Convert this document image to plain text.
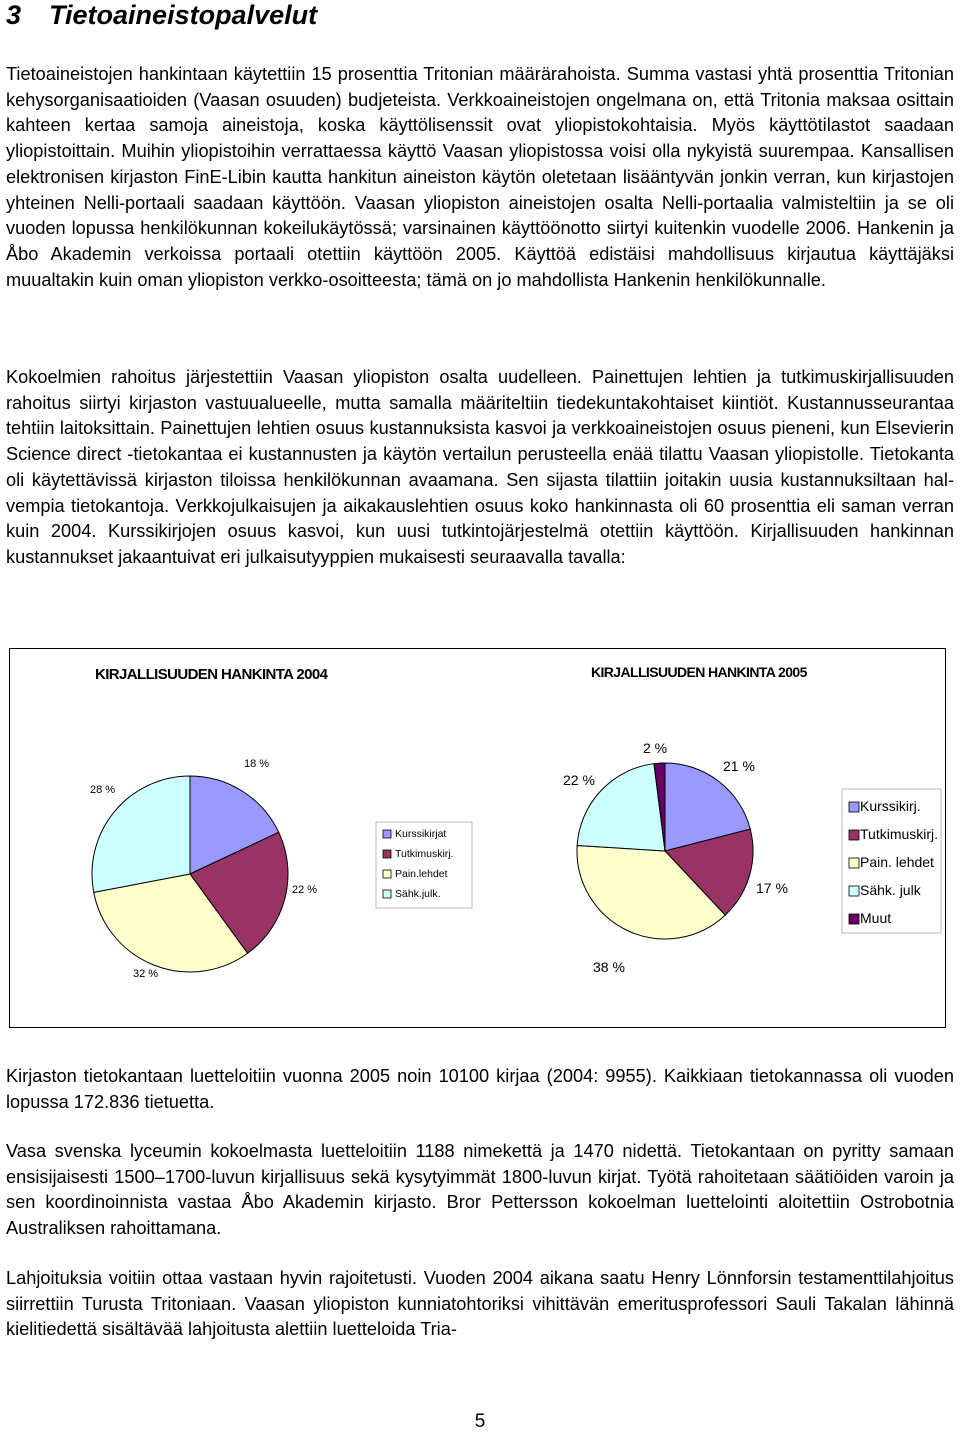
3 Tietoaineistopalvelut

Tietoaineistojen hankintaan käytettiin 15 prosenttia Tritonian määrärahoista. Summa vastasi yhtä prosenttia Tritonian kehysorganisaatioiden (Vaasan osuuden) budjeteista. Verkkoaineistojen ongelmana on, että Tritonia maksaa osittain kahteen kertaa samoja aineistoja, koska käyttölisenssit ovat yliopistokohtaisia. Myös käyttötilastot saadaan yliopistoittain. Muihin yliopistoihin verrattaessa käyttö Vaasan yliopistossa voisi olla nykyistä suurempaa. Kansallisen elektronisen kirjaston FinE-Libin kautta hankitun aineiston käytön oletetaan lisääntyvän jonkin verran, kun kirjastojen yhteinen Nelli-portaali saadaan käyttöön. Vaasan yliopiston aineistojen osalta Nelli-portaalia valmisteltiin ja se oli vuoden lopussa henkilökunnan kokeilukäytössä; varsinainen käyttöönotto siirtyi kuitenkin vuodelle 2006. Hankenin ja Åbo Akademin verkoissa portaali otettiin käyttöön 2005. Käyttöä edistäisi mahdollisuus kirjautua käyttäjäksi muualtakin kuin oman yliopiston verkko-osoitteesta; tämä on jo mahdollista Hankenin henkilökunnalle.

Kokoelmien rahoitus järjestettiin Vaasan yliopiston osalta uudelleen. Painettujen lehtien ja tutkimuskirjallisuuden rahoitus siirtyi kirjaston vastuualueelle, mutta samalla määriteltiin tiedekuntakohtaiset kiintiöt. Kustannusseurantaa tehtiin laitoksittain. Painettujen lehtien osuus kustannuksista kasvoi ja verkkoaineistojen osuus pieneni, kun Elsevierin Science direct -tietokantaa ei kustannusten ja käytön vertailun perusteella enää tilattu Vaasan yliopistolle. Tietokanta oli käytettävissä kirjaston tiloissa henkilökunnan avaamana. Sen sijasta tilattiin joitakin uusia kustannuksiltaan halvempia tietokantoja. Verkkojulkaisujen ja aikakauslehtien osuus koko hankinnasta oli 60 prosenttia eli saman verran kuin 2004. Kurssikirjojen osuus kasvoi, kun uusi tutkintojärjestelmä otettiin käyttöön. Kirjallisuuden hankinnan kustannukset jakaantuivat eri julkaisutyyppien mukaisesti seuraavalla tavalla:

KIRJALLISUUDEN HANKINTA 2004	KIRJALLISUUDEN HANKINTA 2005
18 %
22 %
32 %
28 %
21 %
17 %
38 %
22 %
2 %
Kurssikirjat
Tutkimuskirj.
Pain.lehdet
Sähk.julk.
Kurssikirj.
Tutkimuskirj.
Pain. lehdet
Sähk. julk
Muut

Kirjaston tietokantaan luetteloitiin vuonna 2005 noin 10100 kirjaa (2004: 9955). Kaikkiaan tietokannassa oli vuoden lopussa 172.836 tietuetta.

Vasa svenska lyceumin kokoelmasta luetteloitiin 1188 nimekettä ja 1470 nidettä. Tietokantaan on pyritty samaan ensisijaisesti 1500–1700-luvun kirjallisuus sekä kysytyimmät 1800-luvun kirjat. Työtä rahoitetaan säätiöiden varoin ja sen koordinoinnista vastaa Åbo Akademin kirjasto. Bror Pettersson kokoelman luettelointi aloitettiin Ostrobotnia Australiksen rahoittamana.

Lahjoituksia voitiin ottaa vastaan hyvin rajoitetusti. Vuoden 2004 aikana saatu Henry Lönnforsin testamenttilahjoitus siirrettiin Turusta Tritoniaan. Vaasan yliopiston kunniatohtoriksi vihittävän emeritusprofessori Sauli Takalan lähinnä kielitiedettä sisältävää lahjoitusta alettiin luetteloida Tria-

5
